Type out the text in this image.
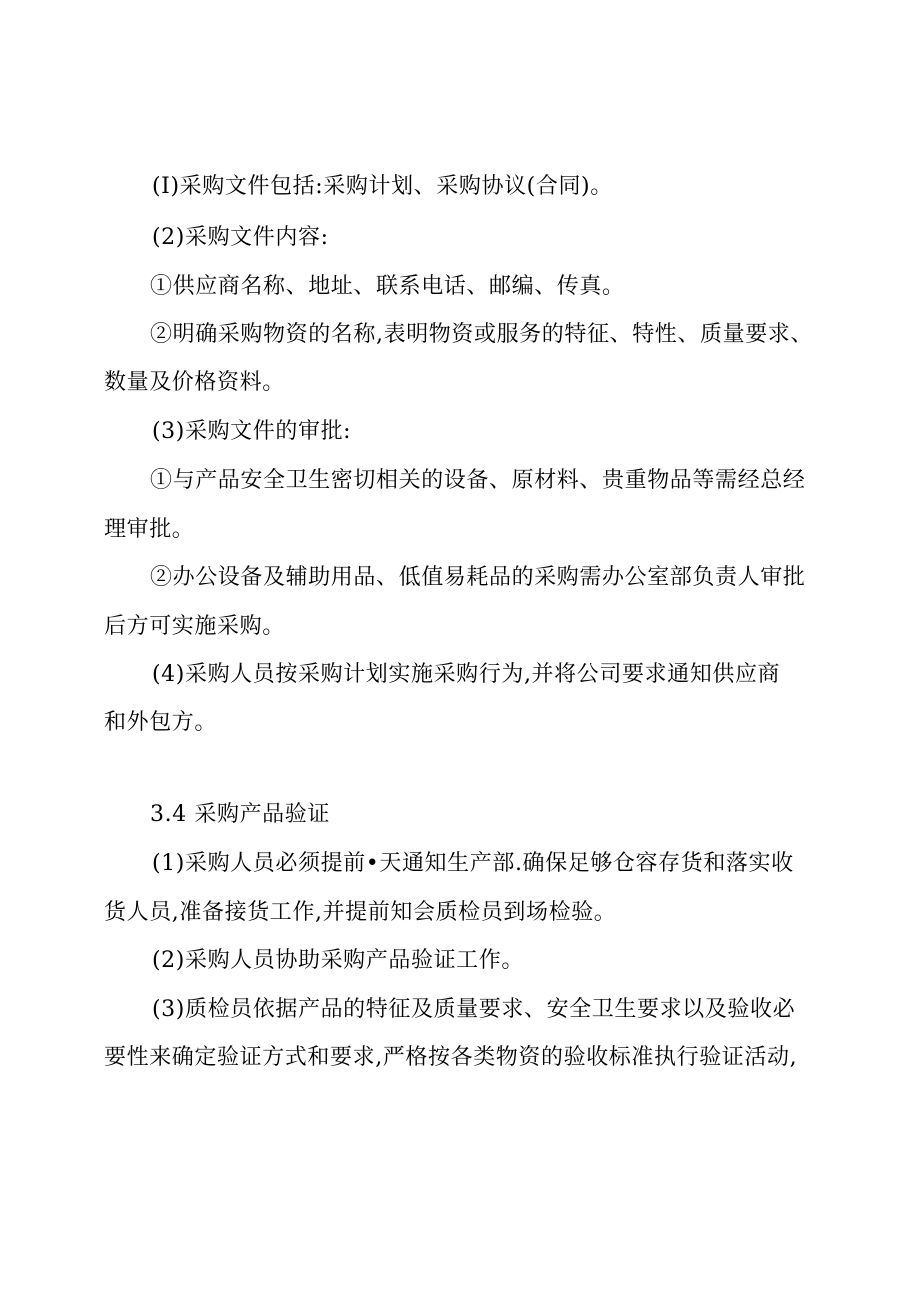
(I)采购文件包括:采购计划、采购协议(合同)。
(2)采购文件内容:
①供应商名称、地址、联系电话、邮编、传真。
②明确采购物资的名称,表明物资或服务的特征、特性、质量要求、
数量及价格资料。
(3)采购文件的审批:
①与产品安全卫生密切相关的设备、原材料、贵重物品等需经总经
理审批。
②办公设备及辅助用品、低值易耗品的采购需办公室部负责人审批
后方可实施采购。
(4)采购人员按采购计划实施采购行为,并将公司要求通知供应商
和外包方。
3.4 采购产品验证
(1)采购人员必须提前•天通知生产部.确保足够仓容存货和落实收
货人员,准备接货工作,并提前知会质检员到场检验。
(2)采购人员协助采购产品验证工作。
(3)质检员依据产品的特征及质量要求、安全卫生要求以及验收必
要性来确定验证方式和要求,严格按各类物资的验收标准执行验证活动,
